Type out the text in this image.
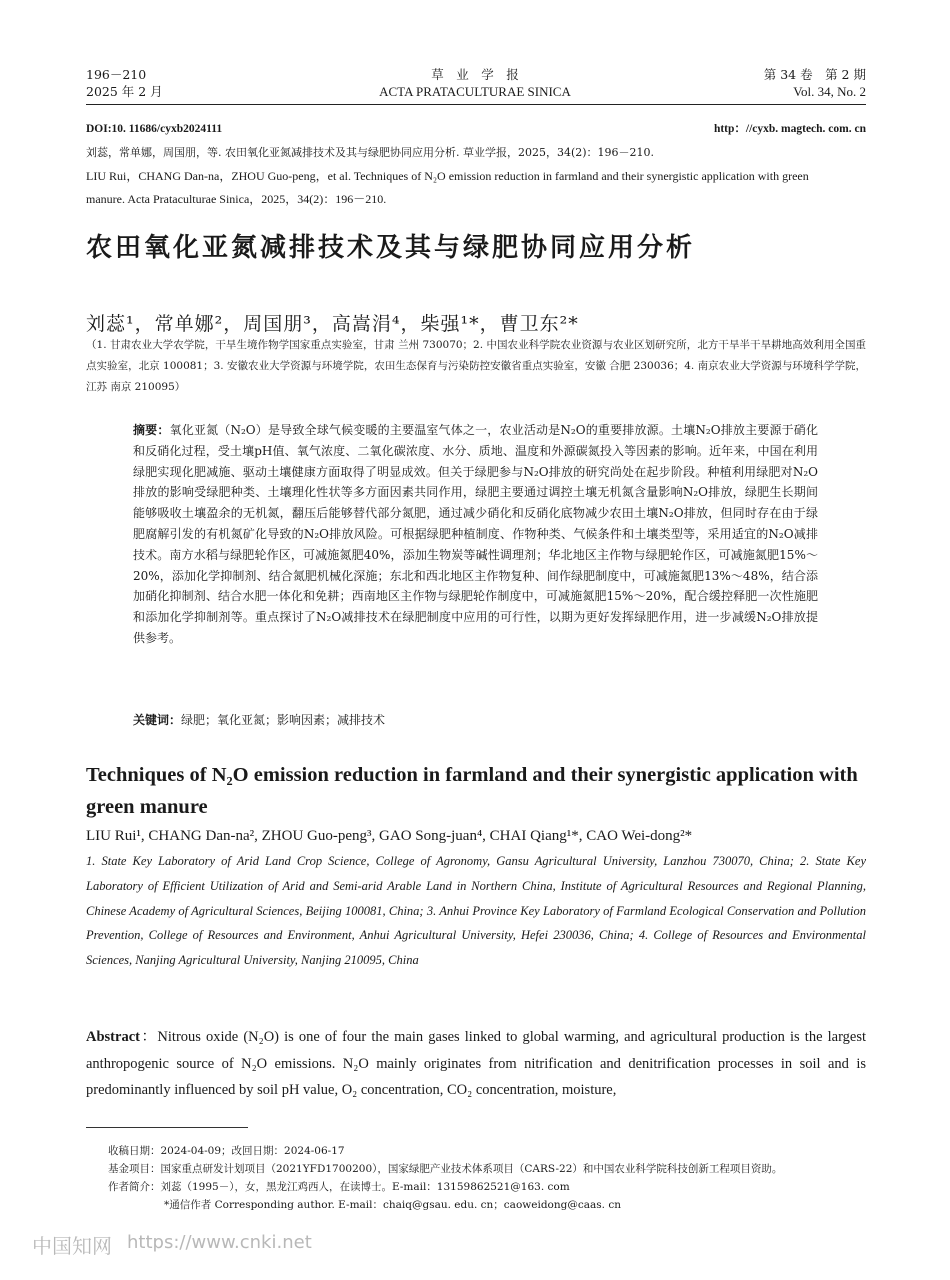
196－210
2025 年 2 月
草　业　学　报
ACTA PRATACULTURAE SINICA
第 34 卷　第 2 期
Vol. 34, No. 2
DOI:10. 11686/cyxb2024111	http：//cyxb. magtech. com. cn
刘蕊，常单娜，周国朋，等. 农田氧化亚氮减排技术及其与绿肥协同应用分析. 草业学报，2025，34(2)：196－210.
LIU Rui，CHANG Dan-na，ZHOU Guo-peng，et al. Techniques of N₂O emission reduction in farmland and their synergistic application with green
manure. Acta Prataculturae Sinica，2025，34(2)：196－210.
农田氧化亚氮减排技术及其与绿肥协同应用分析
刘蕊¹，常单娜²，周国朋³，高嵩涓⁴，柴强¹*，曹卫东²*
（1. 甘肃农业大学农学院，干旱生境作物学国家重点实验室，甘肃 兰州 730070；2. 中国农业科学院农业资源与农业区划研究所，北方干旱半干旱耕地高效利用全国重点实验室，北京 100081；3. 安徽农业大学资源与环境学院，农田生态保育与污染防控安徽省重点实验室，安徽 合肥 230036；4. 南京农业大学资源与环境科学学院，江苏 南京 210095）
摘要：氧化亚氮（N₂O）是导致全球气候变暖的主要温室气体之一，农业活动是N₂O的重要排放源。土壤N₂O排放主要源于硝化和反硝化过程，受土壤pH值、氧气浓度、二氧化碳浓度、水分、质地、温度和外源碳氮投入等因素的影响。近年来，中国在利用绿肥实现化肥减施、驱动土壤健康方面取得了明显成效。但关于绿肥参与N₂O排放的研究尚处在起步阶段。种植利用绿肥对N₂O排放的影响受绿肥种类、土壤理化性状等多方面因素共同作用，绿肥主要通过调控土壤无机氮含量影响N₂O排放，绿肥生长期间能够吸收土壤盈余的无机氮，翻压后能够替代部分氮肥，通过减少硝化和反硝化底物减少农田土壤N₂O排放，但同时存在由于绿肥腐解引发的有机氮矿化导致的N₂O排放风险。可根据绿肥种植制度、作物种类、气候条件和土壤类型等，采用适宜的N₂O减排技术。南方水稻与绿肥轮作区，可减施氮肥40%，添加生物炭等碱性调理剂；华北地区主作物与绿肥轮作区，可减施氮肥15%～20%，添加化学抑制剂、结合氮肥机械化深施；东北和西北地区主作物复种、间作绿肥制度中，可减施氮肥13%～48%，结合添加硝化抑制剂、结合水肥一体化和免耕；西南地区主作物与绿肥轮作制度中，可减施氮肥15%～20%，配合缓控释肥一次性施肥和添加化学抑制剂等。重点探讨了N₂O减排技术在绿肥制度中应用的可行性，以期为更好发挥绿肥作用，进一步减缓N₂O排放提供参考。
关键词：绿肥；氧化亚氮；影响因素；减排技术
Techniques of N₂O emission reduction in farmland and their synergistic application with green manure
LIU Rui¹, CHANG Dan-na², ZHOU Guo-peng³, GAO Song-juan⁴, CHAI Qiang¹*, CAO Wei-dong²*
1. State Key Laboratory of Arid Land Crop Science, College of Agronomy, Gansu Agricultural University, Lanzhou 730070, China; 2. State Key Laboratory of Efficient Utilization of Arid and Semi-arid Arable Land in Northern China, Institute of Agricultural Resources and Regional Planning, Chinese Academy of Agricultural Sciences, Beijing 100081, China; 3. Anhui Province Key Laboratory of Farmland Ecological Conservation and Pollution Prevention, College of Resources and Environment, Anhui Agricultural University, Hefei 230036, China; 4. College of Resources and Environmental Sciences, Nanjing Agricultural University, Nanjing 210095, China
Abstract：Nitrous oxide (N₂O) is one of four the main gases linked to global warming, and agricultural production is the largest anthropogenic source of N₂O emissions. N₂O mainly originates from nitrification and denitrification processes in soil and is predominantly influenced by soil pH value, O₂ concentration, CO₂ concentration, moisture,
收稿日期：2024-04-09；改回日期：2024-06-17
基金项目：国家重点研发计划项目（2021YFD1700200），国家绿肥产业技术体系项目（CARS-22）和中国农业科学院科技创新工程项目资助。
作者简介：刘蕊（1995－），女，黑龙江鸡西人，在读博士。E-mail：13159862521@163. com
*通信作者 Corresponding author. E-mail：chaiq@gsau. edu. cn；caoweidong@caas. cn
中国知网 https://www.cnki.net
